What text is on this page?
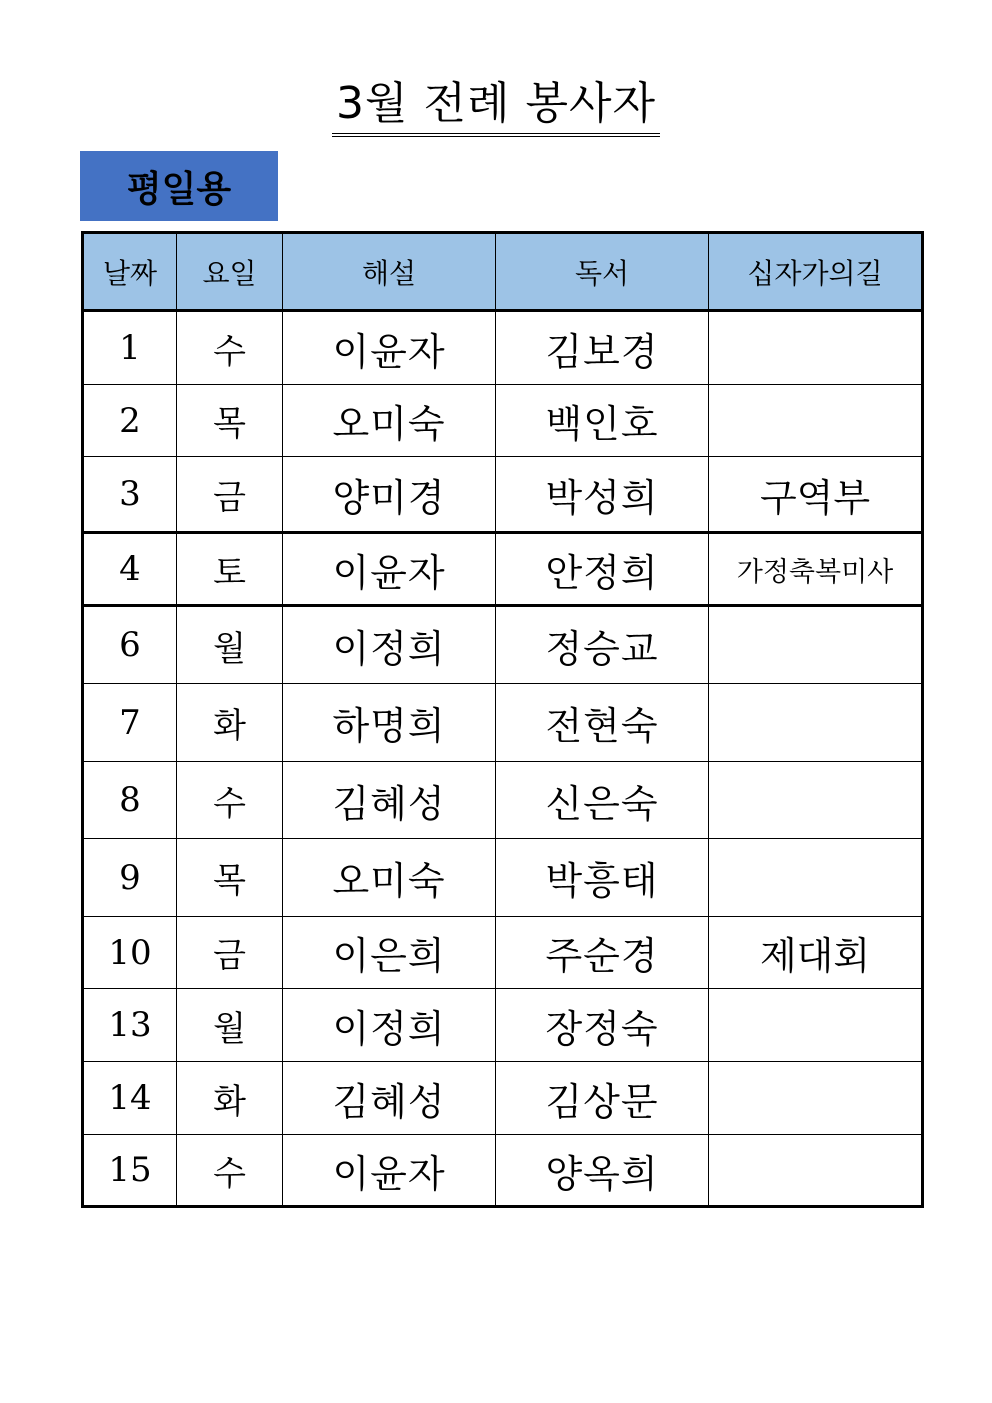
3월 전례 봉사자
평일용
날짜	요일	해설	독서	십자가의길
1	수	이윤자	김보경	
2	목	오미숙	백인호	
3	금	양미경	박성희	구역부
4	토	이윤자	안정희	가정축복미사
6	월	이정희	정승교	
7	화	하명희	전현숙	
8	수	김혜성	신은숙	
9	목	오미숙	박흥태	
10	금	이은희	주순경	제대회
13	월	이정희	장정숙	
14	화	김혜성	김상문	
15	수	이윤자	양옥희	
